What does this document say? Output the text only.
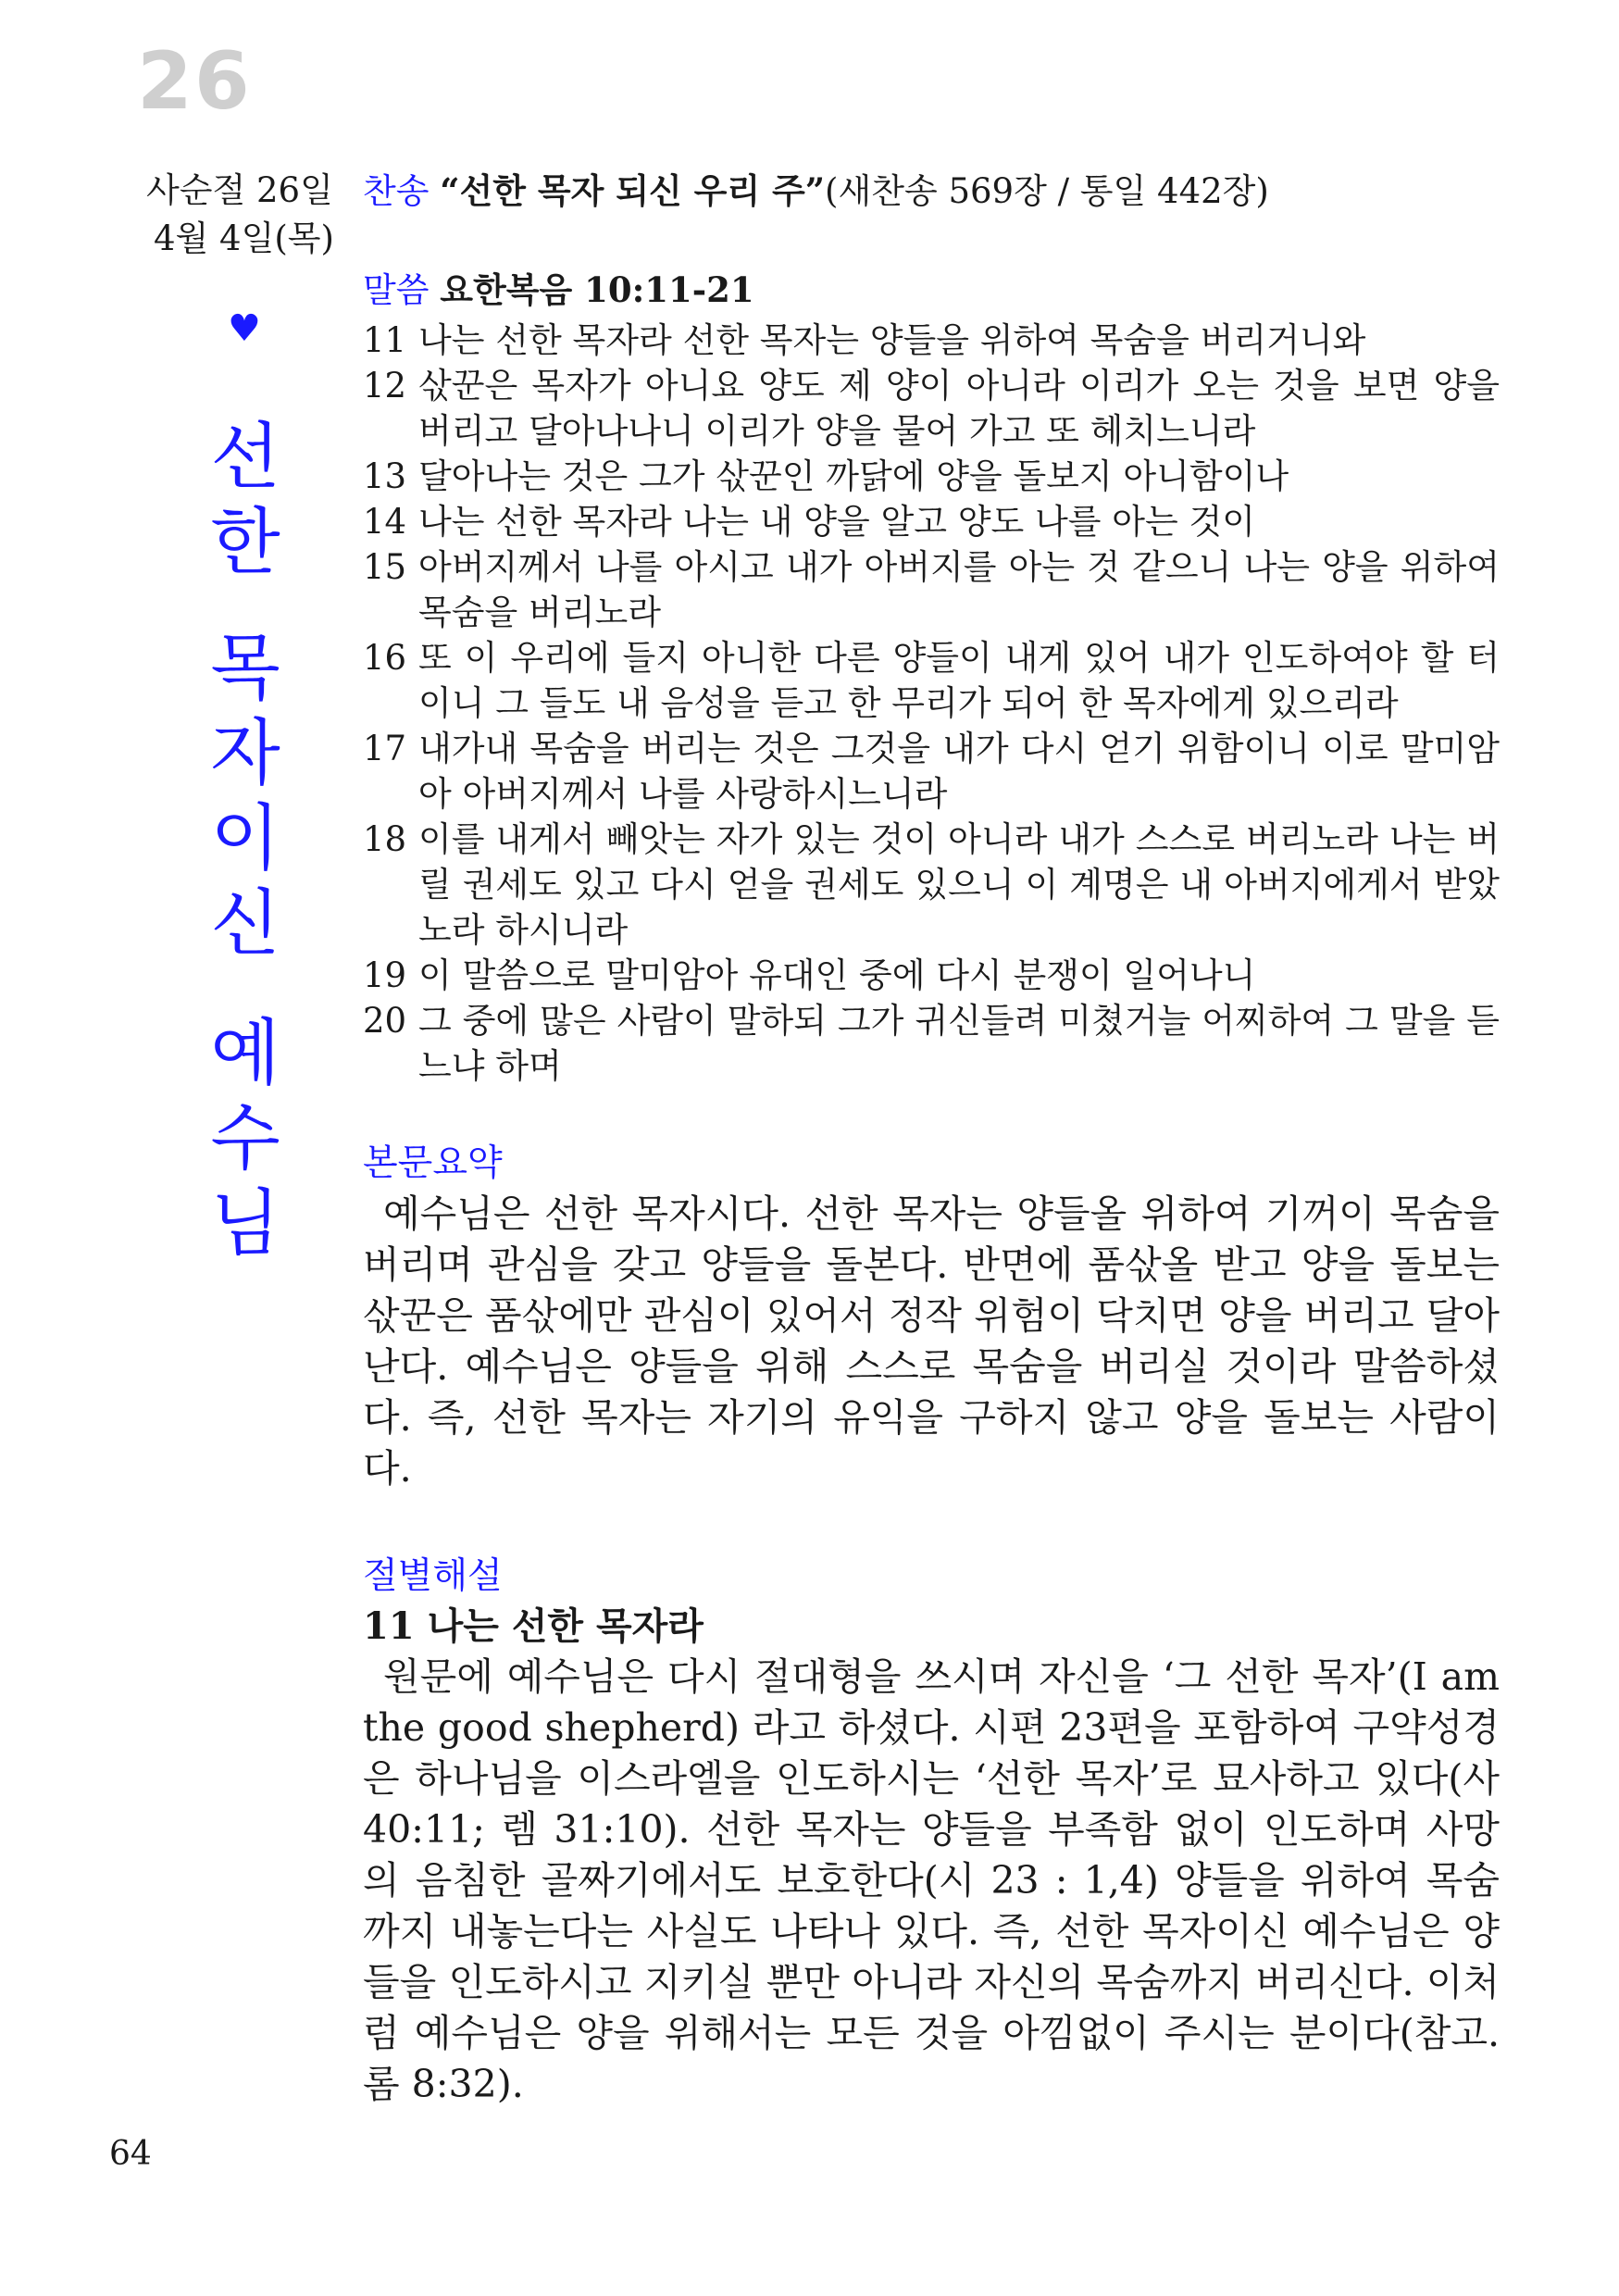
26
사순절 26일
4월 4일(목)
♥
선
한
목
자
이
신
예
수
님
찬송 “선한 목자 되신 우리 주”(새찬송 569장 / 통일 442장)
말씀 요한복음 10:11-21
11 나는 선한 목자라 선한 목자는 양들을 위하여 목숨을 버리거니와
12 삯꾼은 목자가 아니요 양도 제 양이 아니라 이리가 오는 것을 보면 양을 버리고 달아나나니 이리가 양을 물어 가고 또 헤치느니라
13 달아나는 것은 그가 삯꾼인 까닭에 양을 돌보지 아니함이나
14 나는 선한 목자라 나는 내 양을 알고 양도 나를 아는 것이
15 아버지께서 나를 아시고 내가 아버지를 아는 것 같으니 나는 양을 위하여 목숨을 버리노라
16 또 이 우리에 들지 아니한 다른 양들이 내게 있어 내가 인도하여야 할 터이니 그 들도 내 음성을 듣고 한 무리가 되어 한 목자에게 있으리라
17 내가내 목숨을 버리는 것은 그것을 내가 다시 얻기 위함이니 이로 말미암아 아버지께서 나를 사랑하시느니라
18 이를 내게서 빼앗는 자가 있는 것이 아니라 내가 스스로 버리노라 나는 버릴 권세도 있고 다시 얻을 권세도 있으니 이 계명은 내 아버지에게서 받았노라 하시니라
19 이 말씀으로 말미암아 유대인 중에 다시 분쟁이 일어나니
20 그 중에 많은 사람이 말하되 그가 귀신들려 미쳤거늘 어찌하여 그 말을 듣느냐 하며
본문요약
예수님은 선한 목자시다. 선한 목자는 양들올 위하여 기꺼이 목숨을 버리며 관심을 갖고 양들을 돌본다. 반면에 품삯올 받고 양을 돌보는 삯꾼은 품삯에만 관심이 있어서 정작 위험이 닥치면 양을 버리고 달아난다. 예수님은 양들을 위해 스스로 목숨을 버리실 것이라 말씀하셨다. 즉, 선한 목자는 자기의 유익을 구하지 않고 양을 돌보는 사람이다.
절별해설
11 나는 선한 목자라
원문에 예수님은 다시 절대형을 쓰시며 자신을 ‘그 선한 목자’(I am the good shepherd) 라고 하셨다. 시편 23편을 포함하여 구약성경은 하나님을 이스라엘을 인도하시는 ‘선한 목자’로 묘사하고 있다(사 40:11; 렘 31:10). 선한 목자는 양들을 부족함 없이 인도하며 사망의 음침한 골짜기에서도 보호한다(시 23 : 1,4) 양들을 위하여 목숨까지 내놓는다는 사실도 나타나 있다. 즉, 선한 목자이신 예수님은 양들을 인도하시고 지키실 뿐만 아니라 자신의 목숨까지 버리신다. 이처럼 예수님은 양을 위해서는 모든 것을 아낌없이 주시는 분이다(참고. 롬 8:32).
64
